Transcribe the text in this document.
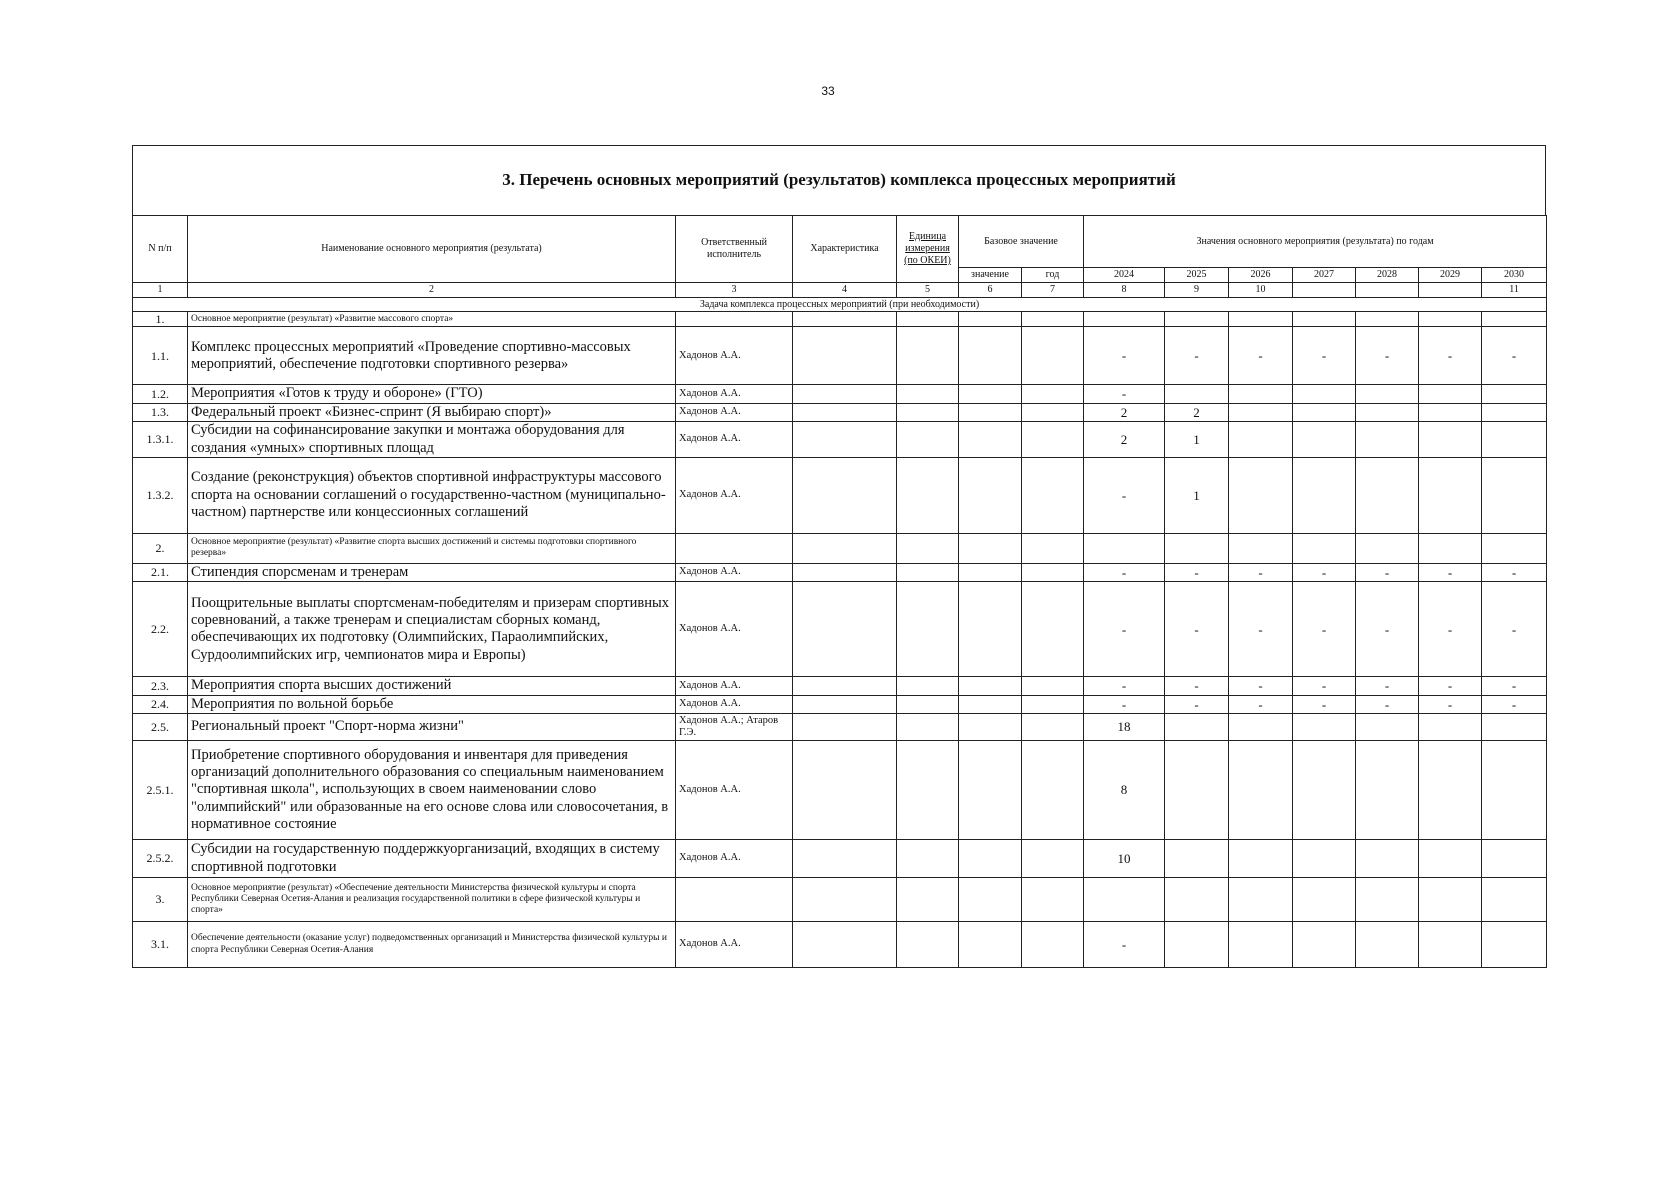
33
3. Перечень основных мероприятий (результатов) комплекса процессных мероприятий
N п/п	Наименование основного мероприятия (результата)	Ответственный исполнитель	Характеристика	Единица измерения (по ОКЕИ)	Базовое значение		Значения основного мероприятия (результата) по годам						
					значение	год	2024	2025	2026	2027	2028	2029	2030
1	2	3	4	5	6	7	8	9	10				11
Задача комплекса процессных мероприятий (при необходимости)													
1.	Основное мероприятие (результат) «Развитие массового спорта»												
1.1.	Комплекс процессных мероприятий «Проведение спортивно-массовых мероприятий, обеспечение подготовки спортивного резерва»	Хадонов А.А.					-	-	-	-	-	-	-
1.2.	Мероприятия «Готов к труду и обороне» (ГТО)	Хадонов А.А.					-						
1.3.	Федеральный проект «Бизнес-спринт (Я выбираю спорт)»	Хадонов А.А.					2	2					
1.3.1.	Субсидии на софинансирование закупки и монтажа оборудования для создания «умных» спортивных площад	Хадонов А.А.					2	1					
1.3.2.	Создание (реконструкция) объектов спортивной инфраструктуры массового спорта на основании соглашений о государственно-частном (муниципально-частном) партнерстве или концессионных соглашений	Хадонов А.А.					-	1					
2.	Основное мероприятие (результат) «Развитие спорта высших достижений и системы подготовки спортивного резерва»												
2.1.	Стипендия спорсменам и тренерам	Хадонов А.А.					-	-	-	-	-	-	-
2.2.	Поощрительные выплаты спортсменам-победителям и призерам спортивных соревнований, а также тренерам и специалистам сборных команд, обеспечивающих их подготовку (Олимпийских, Параолимпийских, Сурдоолимпийских игр, чемпионатов мира и Европы)	Хадонов А.А.					-	-	-	-	-	-	-
2.3.	Мероприятия спорта высших достижений	Хадонов А.А.					-	-	-	-	-	-	-
2.4.	Мероприятия по вольной борьбе	Хадонов А.А.					-	-	-	-	-	-	-
2.5.	Региональный проект "Спорт-норма жизни"	Хадонов А.А.; Атаров Г.Э.					18						
2.5.1.	Приобретение спортивного оборудования и инвентаря для приведения организаций дополнительного образования со специальным наименованием "спортивная школа", использующих в своем наименовании слово "олимпийский" или образованные на его основе слова или словосочетания, в нормативное состояние	Хадонов А.А.					8						
2.5.2.	Субсидии на государственную поддержкуорганизаций, входящих в систему спортивной подготовки	Хадонов А.А.					10						
3.	Основное мероприятие (результат) «Обеспечение деятельности Министерства физической культуры и спорта Республики Северная Осетия-Алания и реализация государственной политики в сфере физической культуры и спорта»												
3.1.	Обеспечение деятельности (оказание услуг) подведомственных организаций и Министерства физической культуры и спорта Республики Северная Осетия-Алания	Хадонов А.А.					-						
